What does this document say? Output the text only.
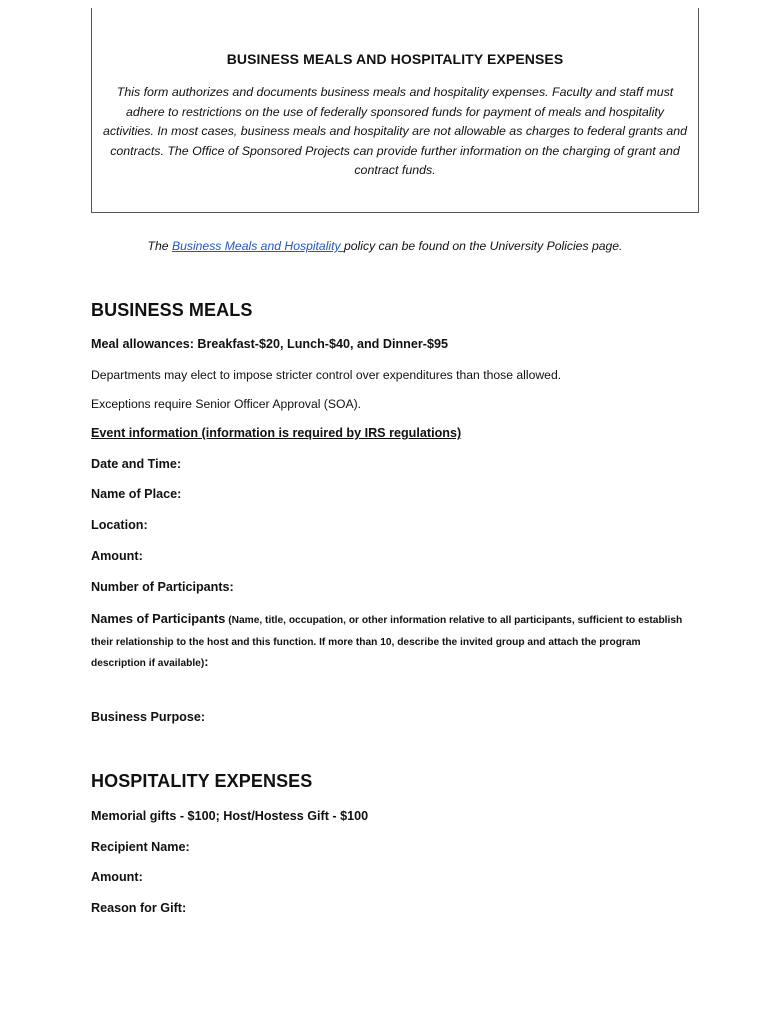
BUSINESS MEALS AND HOSPITALITY EXPENSES
This form authorizes and documents business meals and hospitality expenses. Faculty and staff must adhere to restrictions on the use of federally sponsored funds for payment of meals and hospitality activities. In most cases, business meals and hospitality are not allowable as charges to federal grants and contracts. The Office of Sponsored Projects can provide further information on the charging of grant and contract funds.
The Business Meals and Hospitality policy can be found on the University Policies page.
BUSINESS MEALS
Meal allowances: Breakfast-$20, Lunch-$40, and Dinner-$95
Departments may elect to impose stricter control over expenditures than those allowed.
Exceptions require Senior Officer Approval (SOA).
Event information (information is required by IRS regulations)
Date and Time:
Name of Place:
Location:
Amount:
Number of Participants:
Names of Participants (Name, title, occupation, or other information relative to all participants, sufficient to establish their relationship to the host and this function. If more than 10, describe the invited group and attach the program description if available):
Business Purpose:
HOSPITALITY EXPENSES
Memorial gifts - $100; Host/Hostess Gift - $100
Recipient Name:
Amount:
Reason for Gift:
